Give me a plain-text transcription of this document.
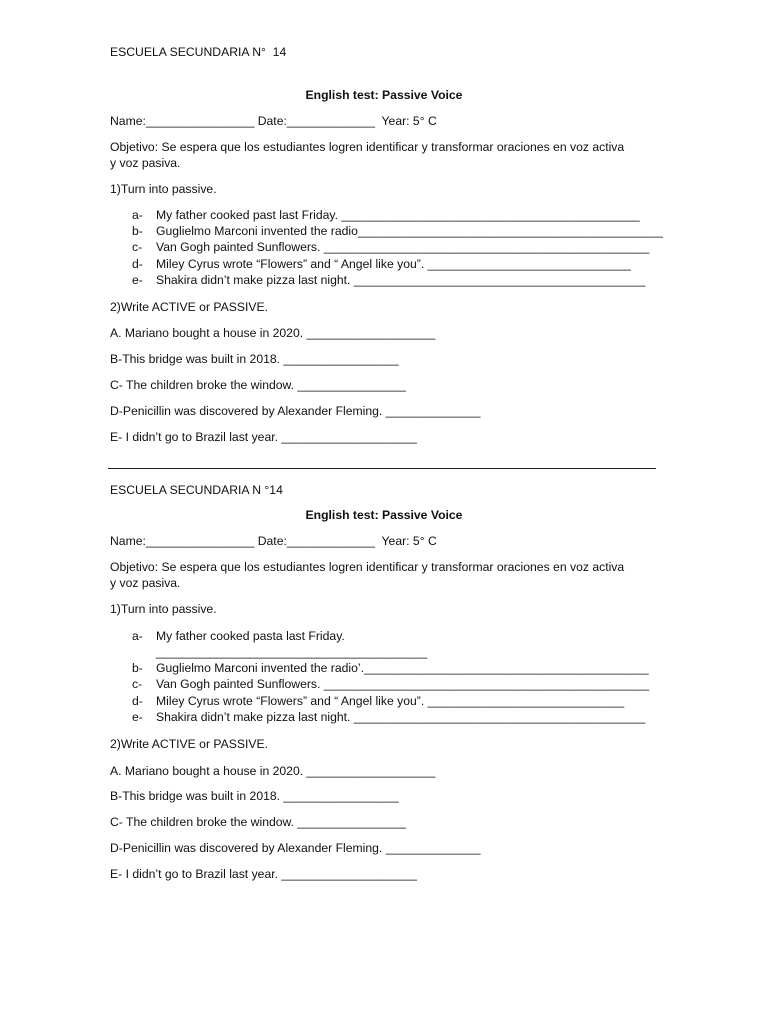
ESCUELA SECUNDARIA N°  14
English test: Passive Voice
Name:________________ Date:_____________  Year: 5° C
Objetivo: Se espera que los estudiantes logren identificar y transformar oraciones en voz activa
y voz pasiva.
1)Turn into passive.
a- My father cooked past last Friday. ____________________________________________
b- Guglielmo Marconi invented the radio_____________________________________________
c- Van Gogh painted Sunflowers. ________________________________________________
d- Miley Cyrus wrote “Flowers” and “ Angel like you”. ______________________________
e- Shakira didn’t make pizza last night. ___________________________________________
2)Write ACTIVE or PASSIVE.
A. Mariano bought a house in 2020. ___________________
B-This bridge was built in 2018. _________________
C- The children broke the window. ________________
D-Penicillin was discovered by Alexander Fleming. ______________
E- I didn’t go to Brazil last year. ____________________
ESCUELA SECUNDARIA N °14
English test: Passive Voice
Name:________________ Date:_____________  Year: 5° C
Objetivo: Se espera que los estudiantes logren identificar y transformar oraciones en voz activa
y voz pasiva.
1)Turn into passive.
a- My father cooked pasta last Friday.
________________________________________
b- Guglielmo Marconi invented the radio’.__________________________________________
c- Van Gogh painted Sunflowers. ________________________________________________
d- Miley Cyrus wrote “Flowers” and “ Angel like you”. _____________________________
e- Shakira didn’t make pizza last night. ___________________________________________
2)Write ACTIVE or PASSIVE.
A. Mariano bought a house in 2020. ___________________
B-This bridge was built in 2018. _________________
C- The children broke the window. ________________
D-Penicillin was discovered by Alexander Fleming. ______________
E- I didn’t go to Brazil last year. ____________________
